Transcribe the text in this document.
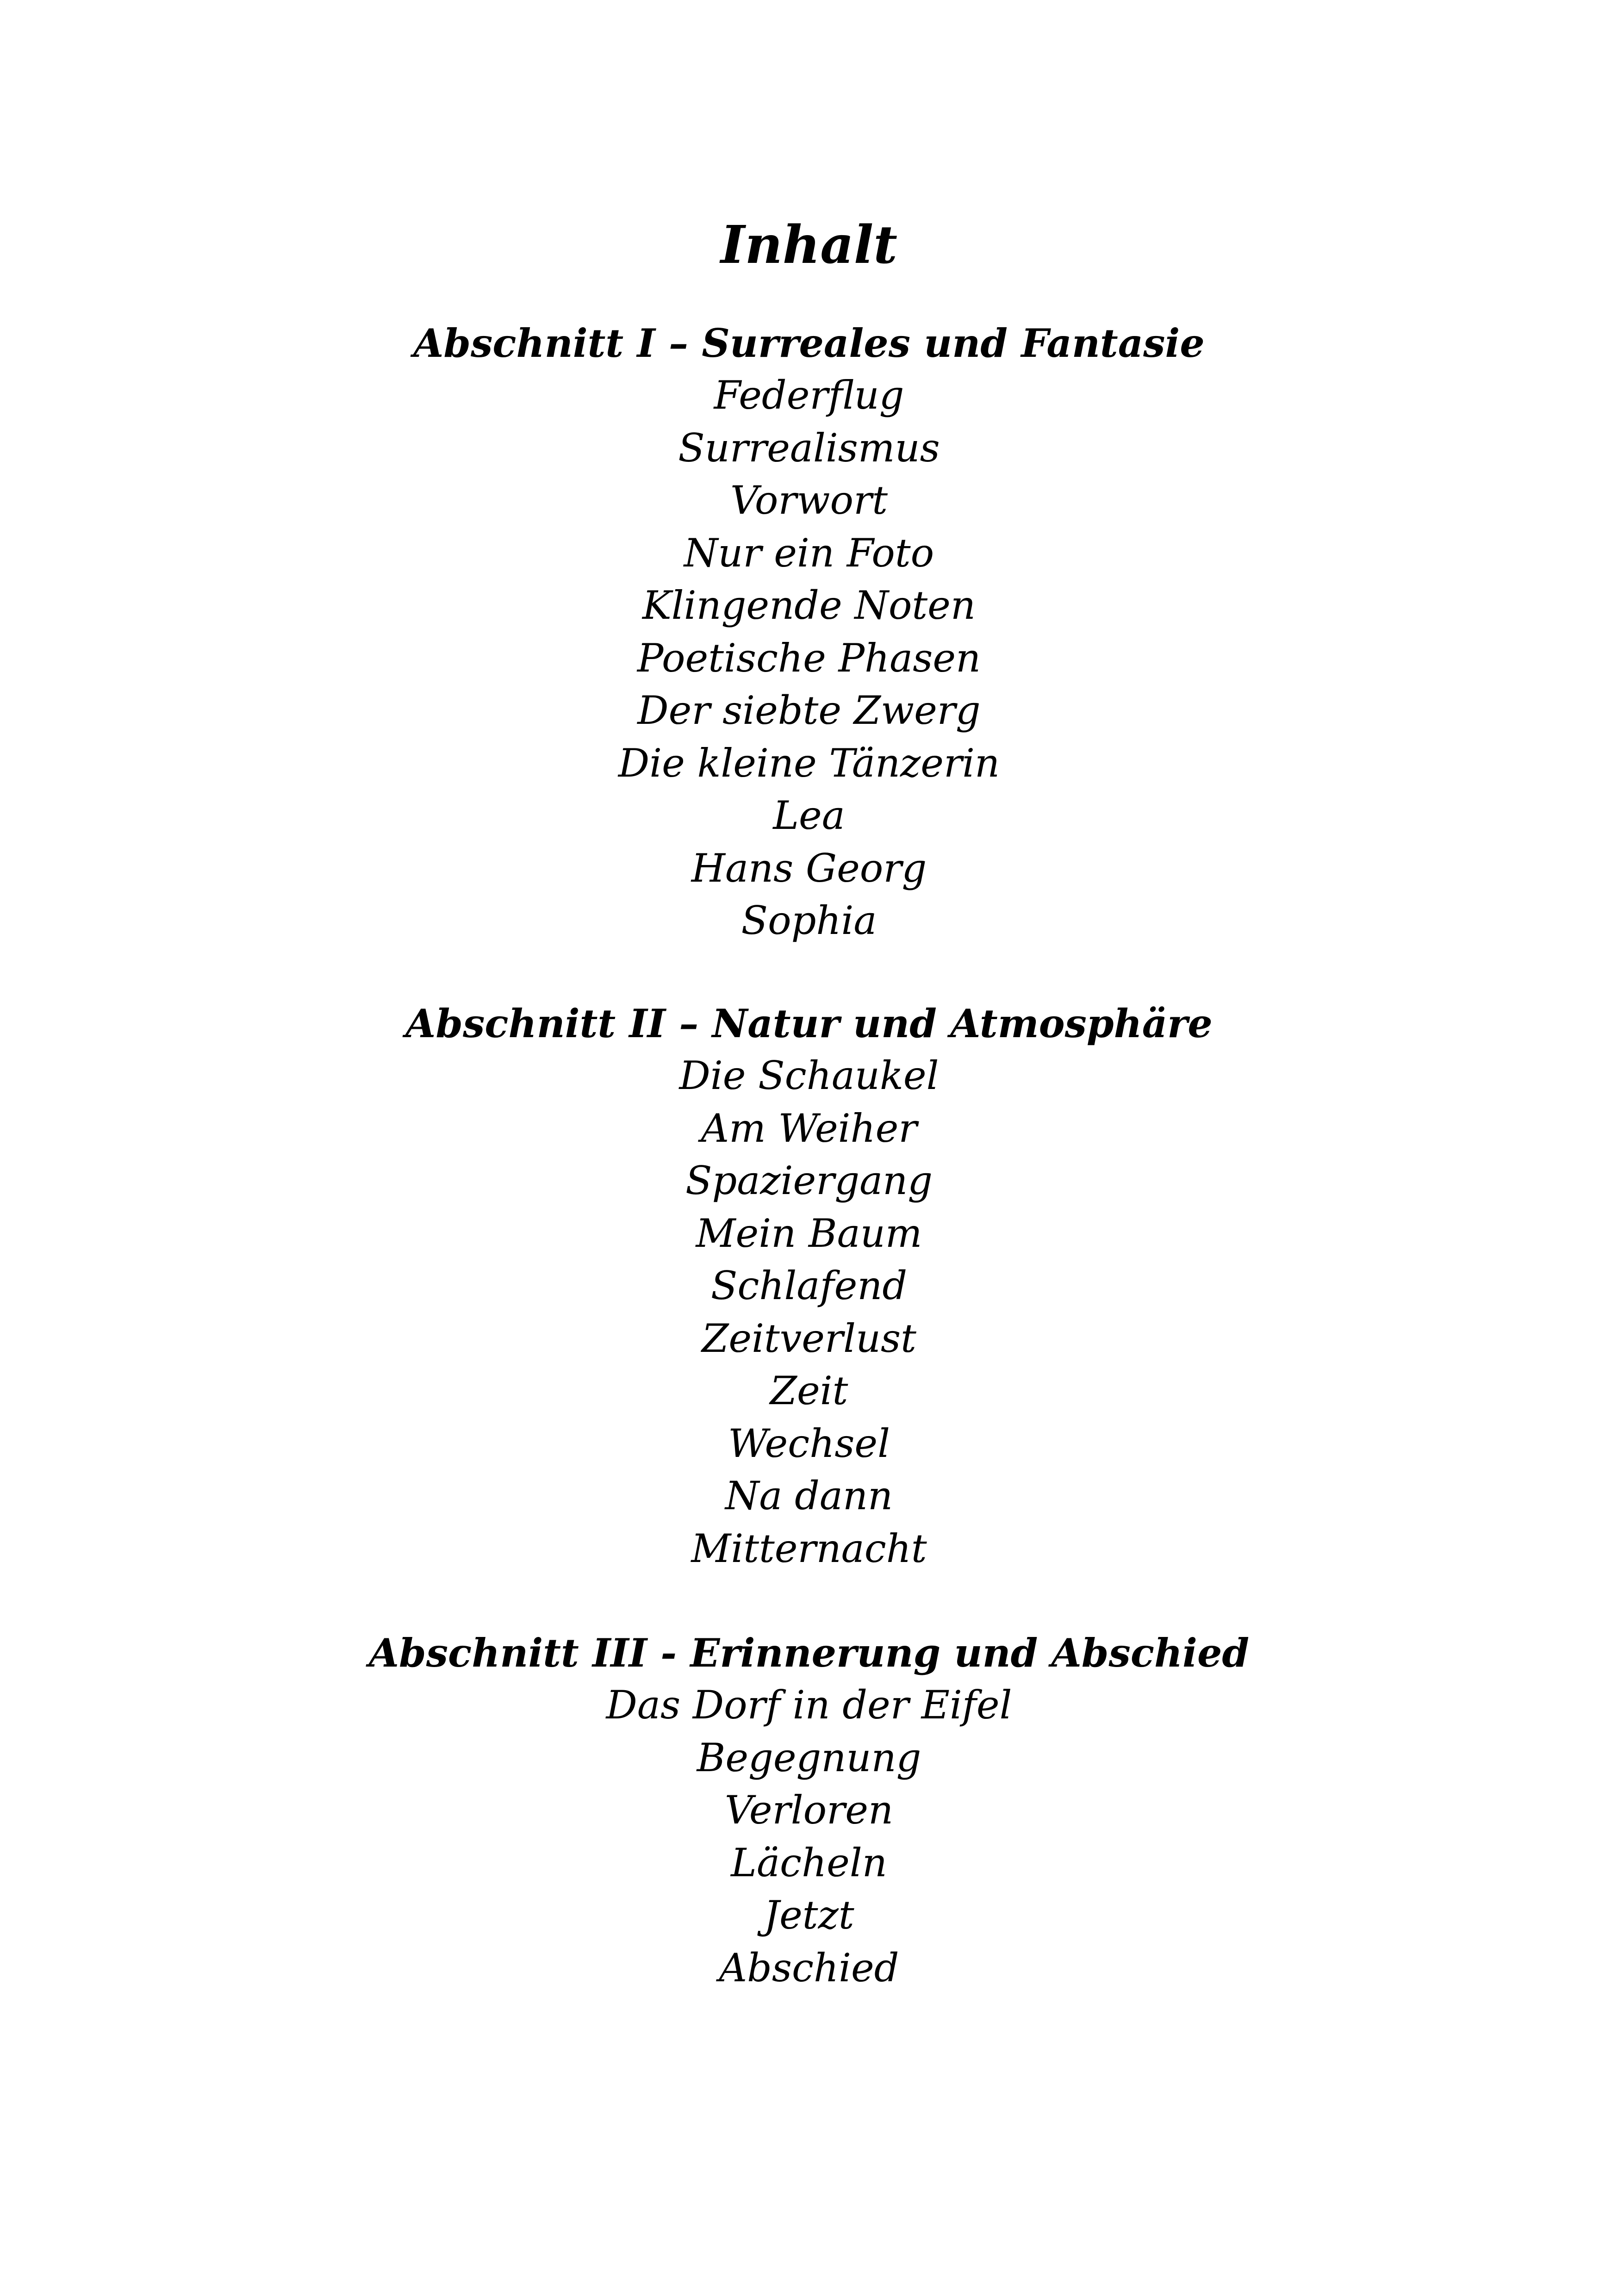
Inhalt
Abschnitt I – Surreales und Fantasie
Federflug
Surrealismus
Vorwort
Nur ein Foto
Klingende Noten
Poetische Phasen
Der siebte Zwerg
Die kleine Tänzerin
Lea
Hans Georg
Sophia
Abschnitt II – Natur und Atmosphäre
Die Schaukel
Am Weiher
Spaziergang
Mein Baum
Schlafend
Zeitverlust
Zeit
Wechsel
Na dann
Mitternacht
Abschnitt III - Erinnerung und Abschied
Das Dorf in der Eifel
Begegnung
Verloren
Lächeln
Jetzt
Abschied
